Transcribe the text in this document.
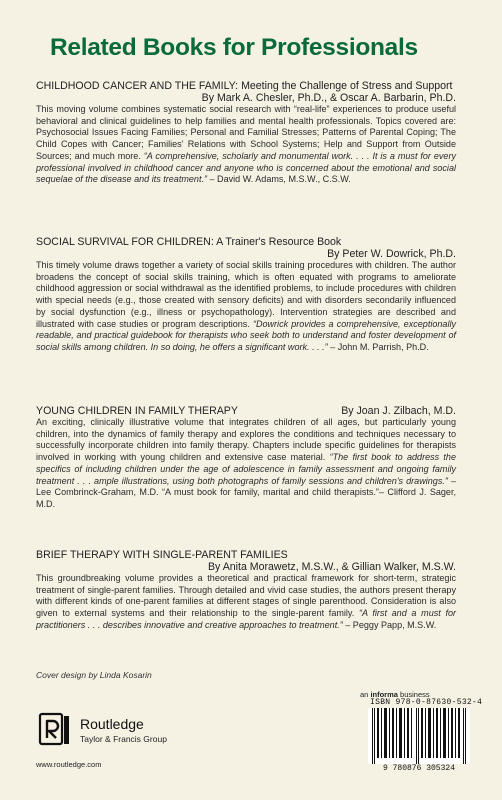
Related Books for Professionals
CHILDHOOD CANCER AND THE FAMILY: Meeting the Challenge of Stress and Support
By Mark A. Chesler, Ph.D., & Oscar A. Barbarin, Ph.D.
This moving volume combines systematic social research with “real-life” experiences to produce useful behavioral and clinical guidelines to help families and mental health professionals. Topics covered are: Psychosocial Issues Facing Families; Personal and Familial Stresses; Patterns of Parental Coping; The Child Copes with Cancer; Families' Relations with School Systems; Help and Support from Outside Sources; and much more. “A comprehensive, scholarly and monumental work. . . . It is a must for every professional involved in childhood cancer and anyone who is concerned about the emotional and social sequelae of the disease and its treatment.” – David W. Adams, M.S.W., C.S.W.
SOCIAL SURVIVAL FOR CHILDREN: A Trainer's Resource Book
By Peter W. Dowrick, Ph.D.
This timely volume draws together a variety of social skills training procedures with children. The author broadens the concept of social skills training, which is often equated with programs to ameliorate childhood aggression or social withdrawal as the identified problems, to include procedures with children with special needs (e.g., those created with sensory deficits) and with disorders secondarily influenced by social dysfunction (e.g., illness or psychopathology). Intervention strategies are described and illustrated with case studies or program descriptions. “Dowrick provides a comprehensive, exceptionally readable, and practical guidebook for therapists who seek both to understand and foster development of social skills among children. In so doing, he offers a significant work. . . .” – John M. Parrish, Ph.D.
YOUNG CHILDREN IN FAMILY THERAPY	By Joan J. Zilbach, M.D.
An exciting, clinically illustrative volume that integrates children of all ages, but particularly young children, into the dynamics of family therapy and explores the conditions and techniques necessary to successfully incorporate children into family therapy. Chapters include specific guidelines for therapists involved in working with young children and extensive case material. “The first book to address the specifics of including children under the age of adolescence in family assessment and ongoing family treatment . . . ample illustrations, using both photographs of family sessions and children's drawings.” – Lee Combrinck-Graham, M.D. “A must book for family, marital and child therapists.”– Clifford J. Sager, M.D.
BRIEF THERAPY WITH SINGLE-PARENT FAMILIES
By Anita Morawetz, M.S.W., & Gillian Walker, M.S.W.
This groundbreaking volume provides a theoretical and practical framework for short-term, strategic treatment of single-parent families. Through detailed and vivid case studies, the authors present therapy with different kinds of one-parent families at different stages of single parenthood. Consideration is also given to external systems and their relationship to the single-parent family. “A first and a must for practitioners . . . describes innovative and creative approaches to treatment.” – Peggy Papp, M.S.W.
Cover design by Linda Kosarin
an informa business
Routledge
Taylor & Francis Group
www.routledge.com
ISBN 978-0-87630-532-4
9 780876 305324
